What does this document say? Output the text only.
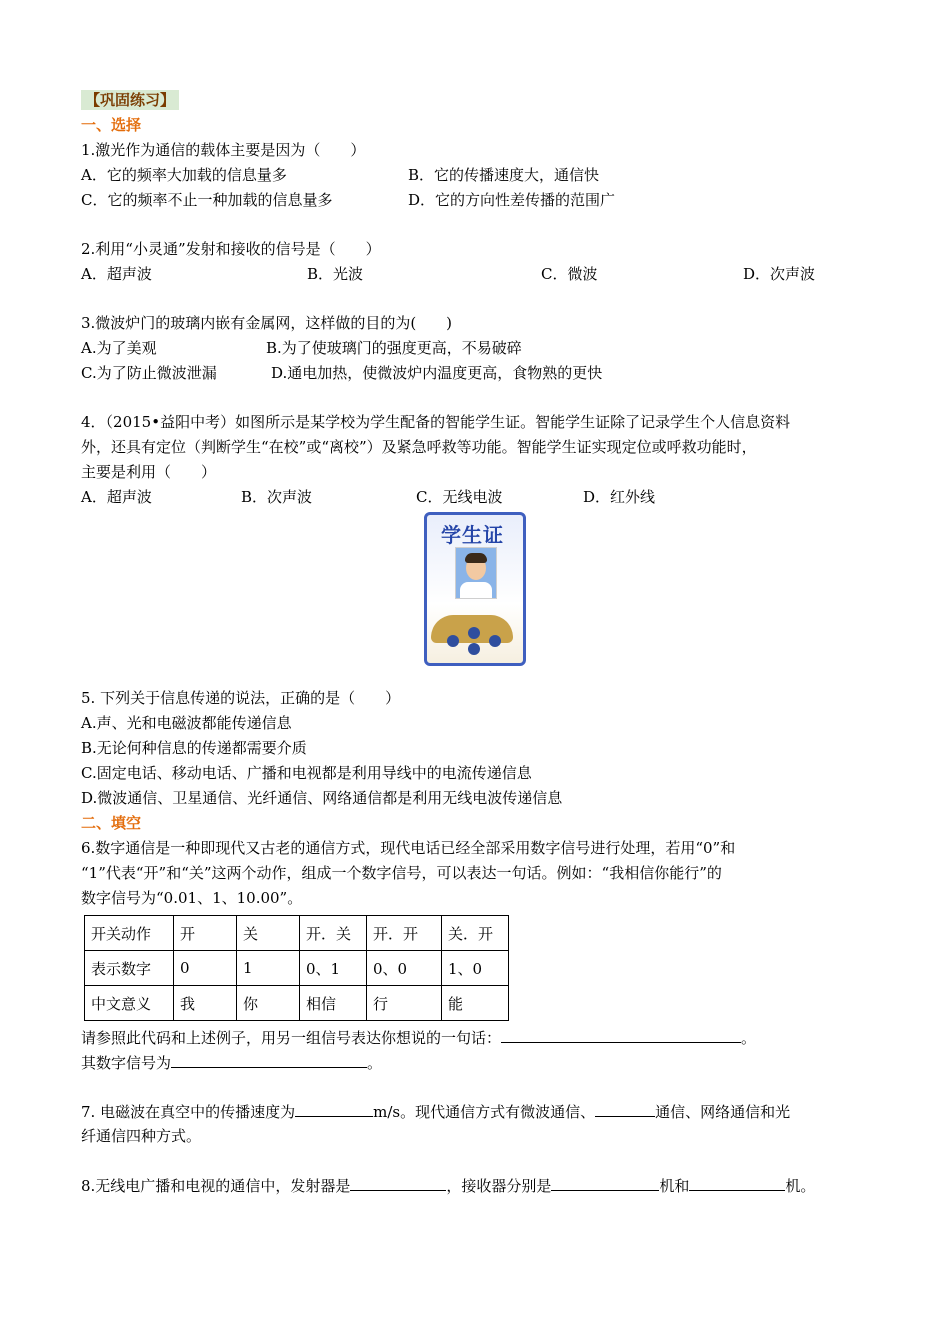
【巩固练习】
一、选择
1.激光作为通信的载体主要是因为（　　）
A．它的频率大加载的信息量多	B．它的传播速度大，通信快
C．它的频率不止一种加载的信息量多	D．它的方向性差传播的范围广
2.利用“小灵通”发射和接收的信号是（　　）
A．超声波	B．光波	C．微波	D．次声波
3.微波炉门的玻璃内嵌有金属网，这样做的目的为(　　)
A.为了美观	B.为了使玻璃门的强度更高，不易破碎
C.为了防止微波泄漏	D.通电加热，使微波炉内温度更高，食物熟的更快
4．（2015•益阳中考）如图所示是某学校为学生配备的智能学生证。智能学生证除了记录学生个人信息资料
外，还具有定位（判断学生“在校”或“离校”）及紧急呼救等功能。智能学生证实现定位或呼救功能时，
主要是利用（　　）
A．超声波	B．次声波	C．无线电波	D．红外线
学生证
5. 下列关于信息传递的说法，正确的是（　　）
A.声、光和电磁波都能传递信息
B.无论何种信息的传递都需要介质
C.固定电话、移动电话、广播和电视都是利用导线中的电流传递信息
D.微波通信、卫星通信、光纤通信、网络通信都是利用无线电波传递信息
二、填空
6.数字通信是一种即现代又古老的通信方式，现代电话已经全部采用数字信号进行处理，若用“0”和
“1”代表“开”和“关”这两个动作，组成一个数字信号，可以表达一句话。例如：“我相信你能行”的
数字信号为“0.01、1、10.00”。
开关动作	开	关	开．关	开．开	关．开
表示数字	0	1	0、1	0、0	1、0
中文意义	我	你	相信	行	能
请参照此代码和上述例子，用另一组信号表达你想说的一句话：	。
其数字信号为	。
7. 电磁波在真空中的传播速度为	m/s。现代通信方式有微波通信、	通信、网络通信和光
纤通信四种方式。
8.无线电广播和电视的通信中，发射器是	，接收器分别是	机和	机。
